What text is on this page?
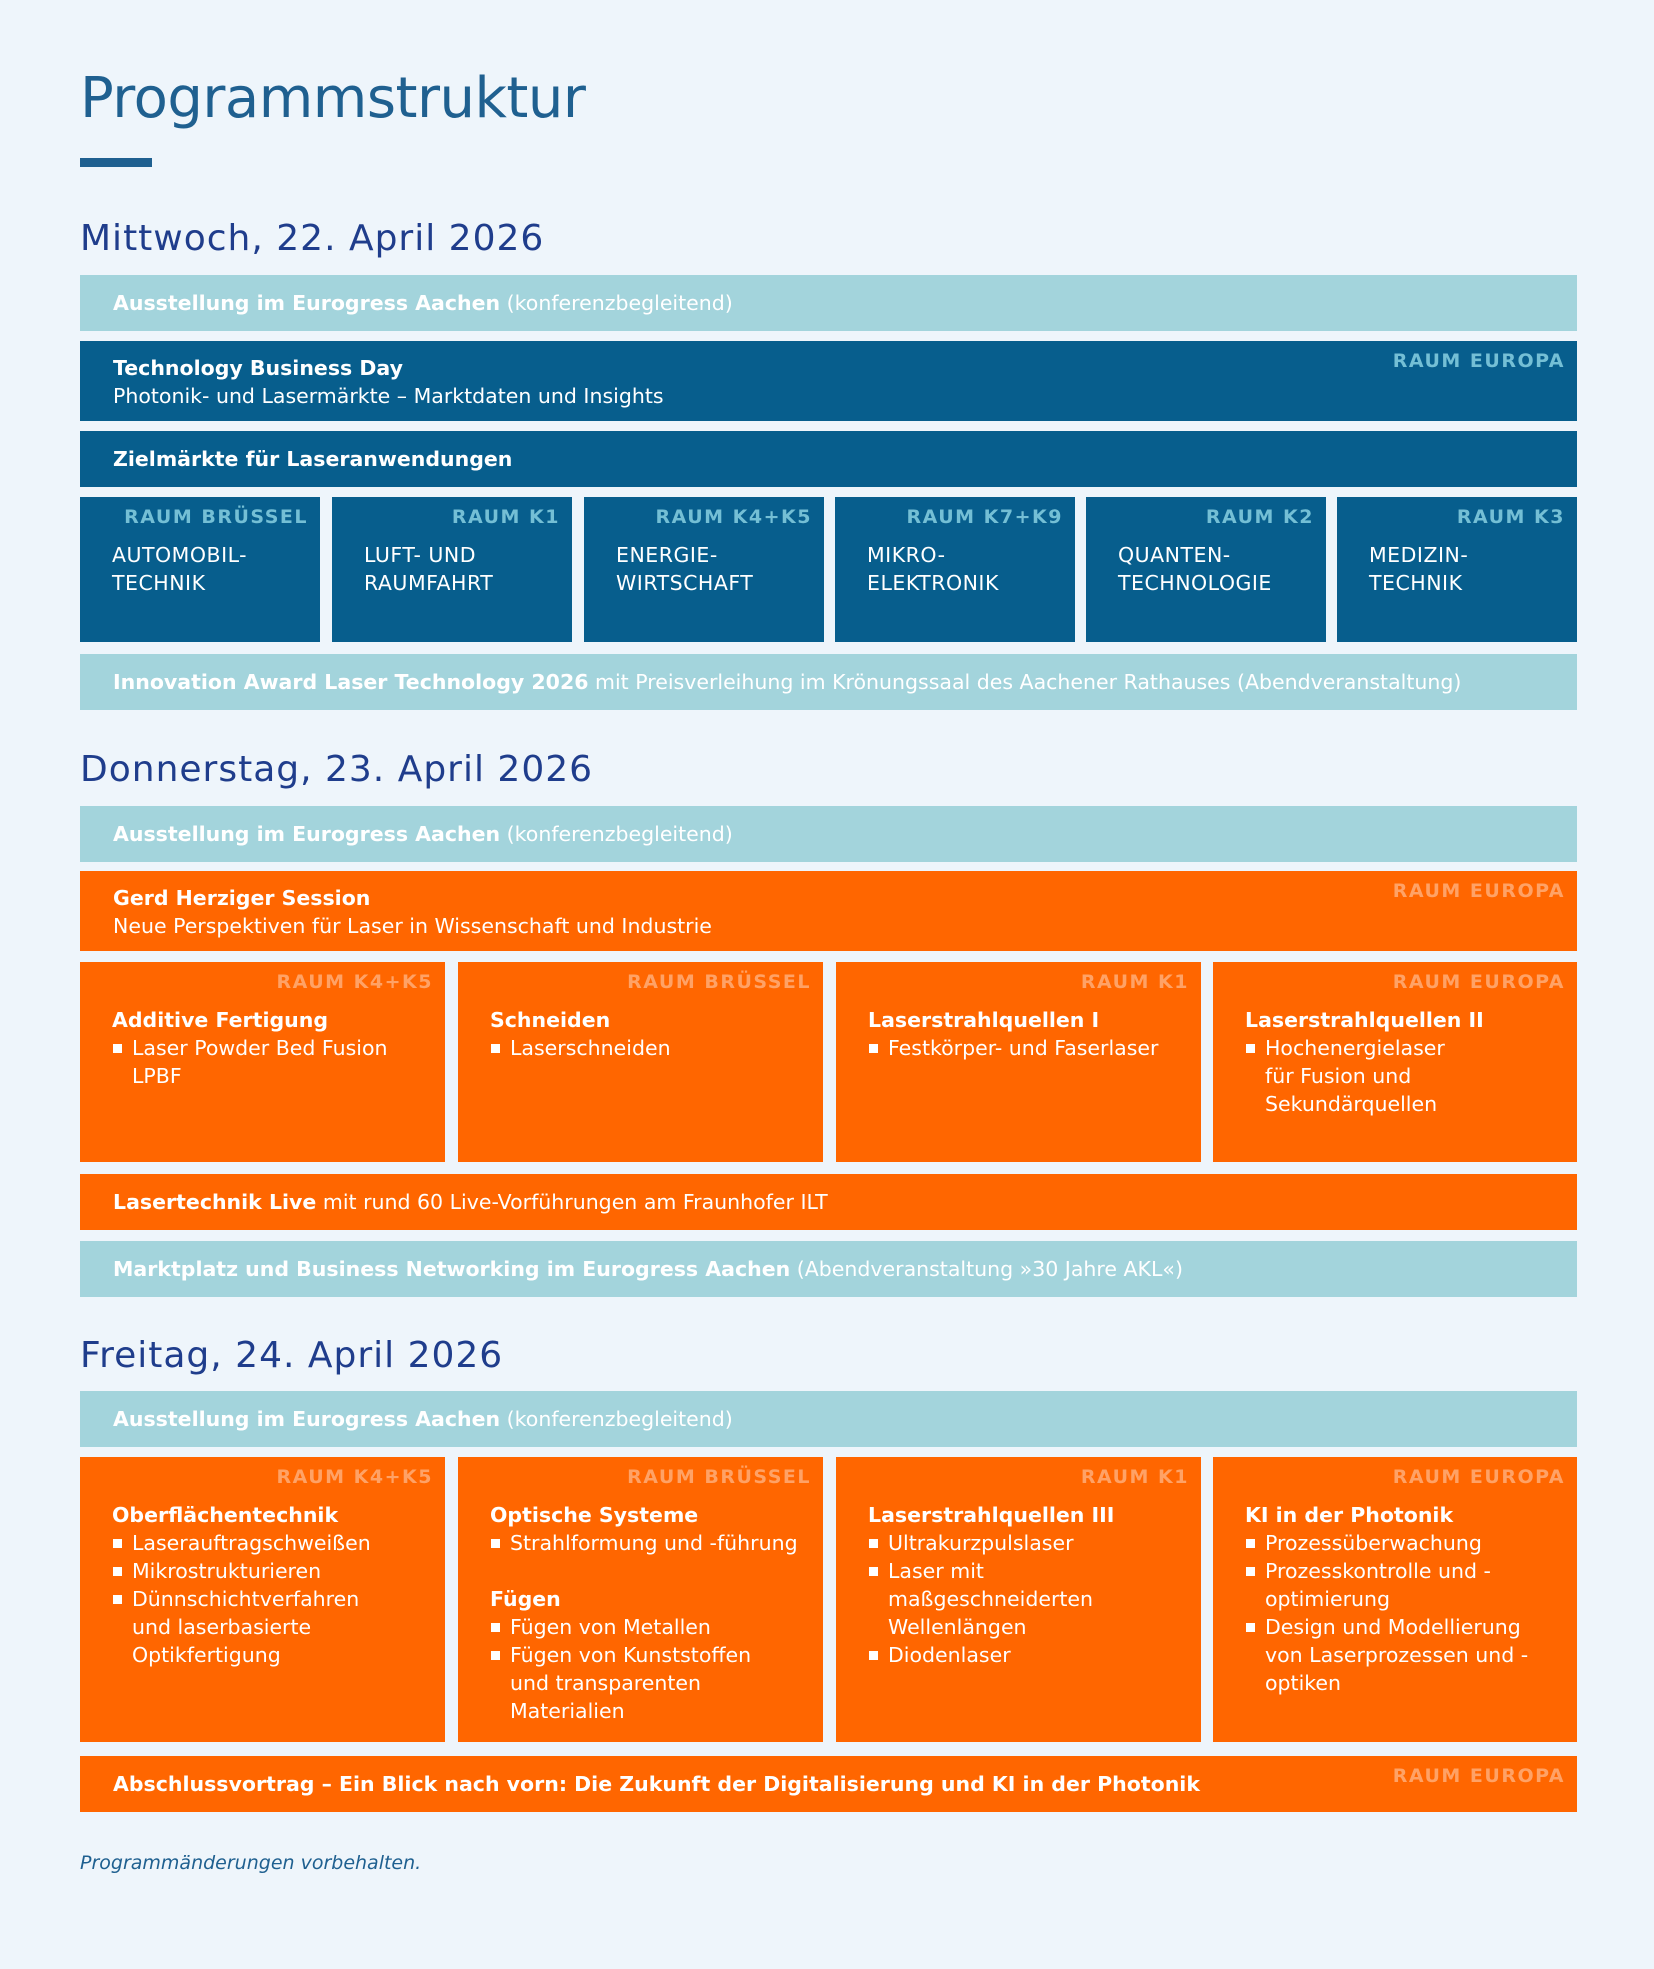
Programmstruktur
Mittwoch, 22. April 2026
Ausstellung im Eurogress Aachen (konferenzbegleitend)
RAUM EUROPA
Technology Business Day
Photonik- und Lasermärkte – Marktdaten und Insights
Zielmärkte für Laseranwendungen
RAUM BRÜSSEL
AUTOMOBIL-
TECHNIK
RAUM K1
LUFT- UND
RAUMFAHRT
RAUM K4+K5
ENERGIE-
WIRTSCHAFT
RAUM K7+K9
MIKRO-
ELEKTRONIK
RAUM K2
QUANTEN-
TECHNOLOGIE
RAUM K3
MEDIZIN-
TECHNIK
Innovation Award Laser Technology 2026 mit Preisverleihung im Krönungssaal des Aachener Rathauses (Abendveranstaltung)
Donnerstag, 23. April 2026
Ausstellung im Eurogress Aachen (konferenzbegleitend)
RAUM EUROPA
Gerd Herziger Session
Neue Perspektiven für Laser in Wissenschaft und Industrie
RAUM K4+K5
Additive Fertigung
Laser Powder Bed Fusion LPBF
RAUM BRÜSSEL
Schneiden
Laserschneiden
RAUM K1
Laserstrahlquellen I
Festkörper- und Faserlaser
RAUM EUROPA
Laserstrahlquellen II
Hochenergielaser für Fusion und Sekundärquellen
Lasertechnik Live mit rund 60 Live-Vorführungen am Fraunhofer ILT
Marktplatz und Business Networking im Eurogress Aachen (Abendveranstaltung »30 Jahre AKL«)
Freitag, 24. April 2026
Ausstellung im Eurogress Aachen (konferenzbegleitend)
RAUM K4+K5
Oberflächentechnik
Laserauftragschweißen
Mikrostrukturieren
Dünnschichtverfahren und laserbasierte Optikfertigung
RAUM BRÜSSEL
Optische Systeme
Strahlformung und -führung
Fügen
Fügen von Metallen
Fügen von Kunststoffen und transparenten Materialien
RAUM K1
Laserstrahlquellen III
Ultrakurzpulslaser
Laser mit maßgeschneiderten Wellenlängen
Diodenlaser
RAUM EUROPA
KI in der Photonik
Prozessüberwachung
Prozesskontrolle und -optimierung
Design und Modellierung von Laserprozessen und -optiken
RAUM EUROPA
Abschlussvortrag – Ein Blick nach vorn: Die Zukunft der Digitalisierung und KI in der Photonik

Programmänderungen vorbehalten.
